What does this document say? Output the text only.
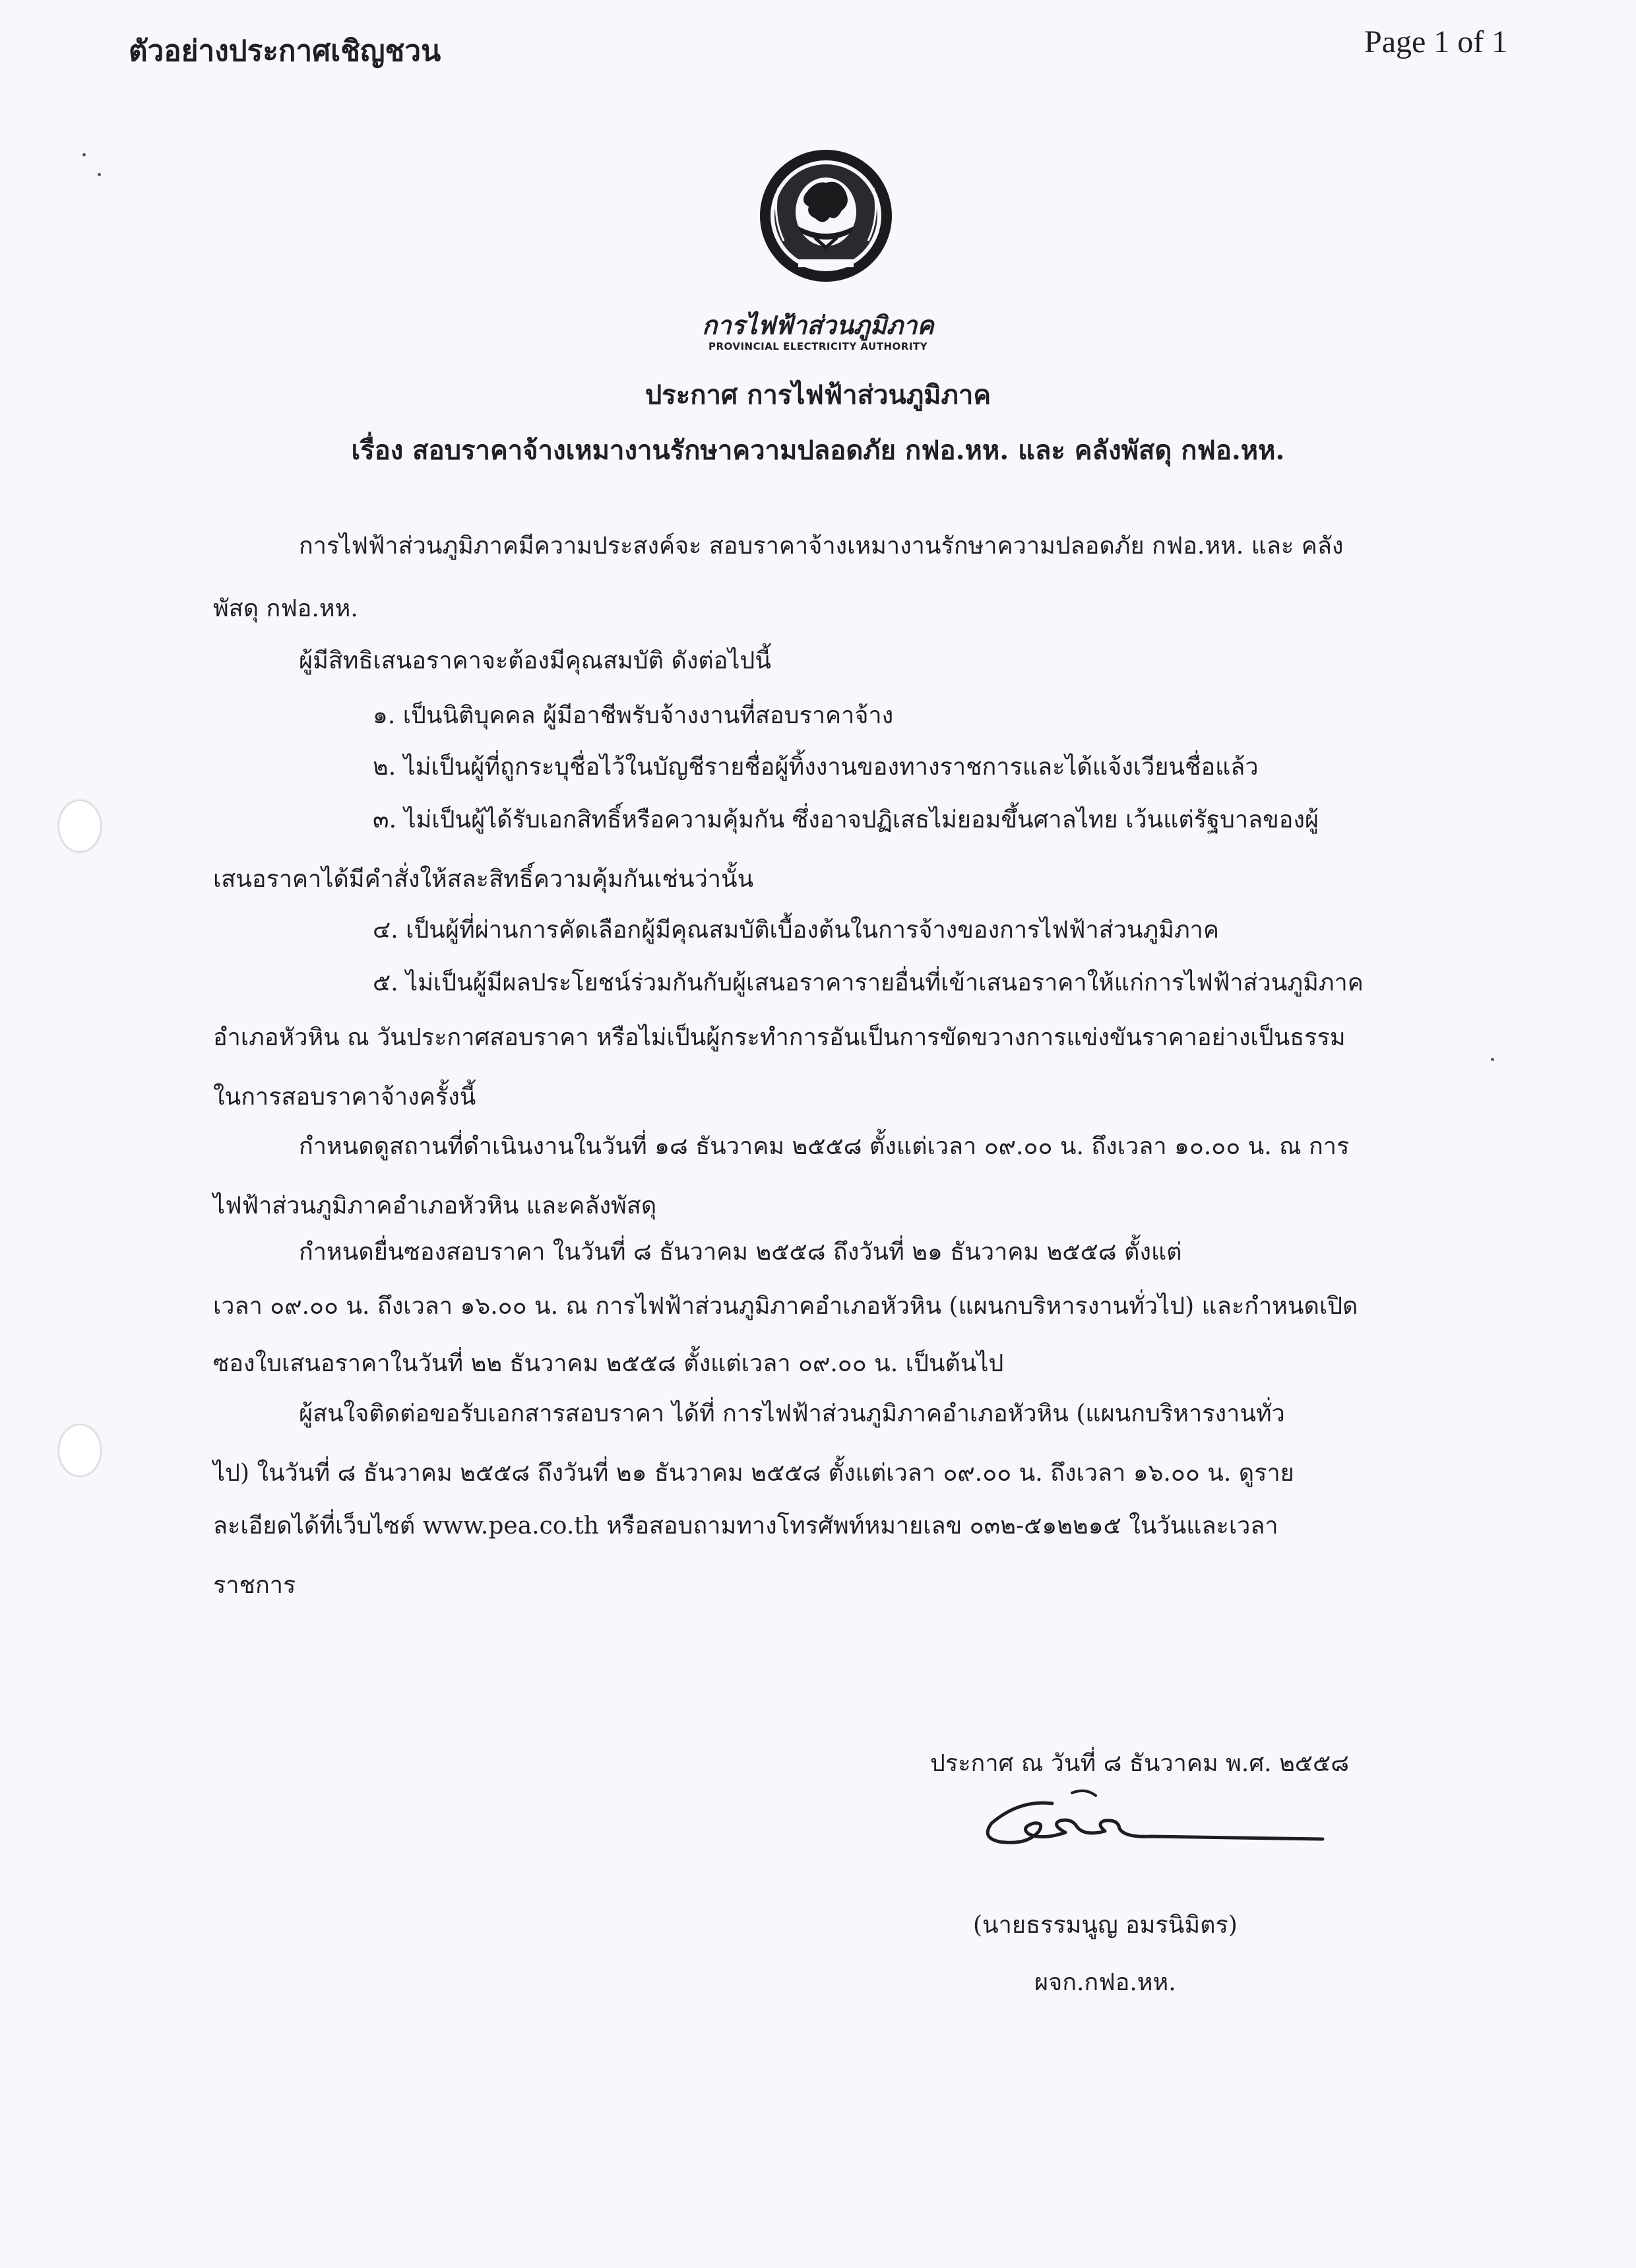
ตัวอย่างประกาศเชิญชวน	Page 1 of 1
การไฟฟ้าส่วนภูมิภาค
PROVINCIAL ELECTRICITY AUTHORITY
ประกาศ การไฟฟ้าส่วนภูมิภาค
เรื่อง สอบราคาจ้างเหมางานรักษาความปลอดภัย กฟอ.หห. และ คลังพัสดุ กฟอ.หห.
การไฟฟ้าส่วนภูมิภาคมีความประสงค์จะ สอบราคาจ้างเหมางานรักษาความปลอดภัย กฟอ.หห. และ คลัง
พัสดุ กฟอ.หห.
ผู้มีสิทธิเสนอราคาจะต้องมีคุณสมบัติ ดังต่อไปนี้
๑. เป็นนิติบุคคล ผู้มีอาชีพรับจ้างงานที่สอบราคาจ้าง
๒. ไม่เป็นผู้ที่ถูกระบุชื่อไว้ในบัญชีรายชื่อผู้ทิ้งงานของทางราชการและได้แจ้งเวียนชื่อแล้ว
๓. ไม่เป็นผู้ได้รับเอกสิทธิ์หรือความคุ้มกัน ซึ่งอาจปฏิเสธไม่ยอมขึ้นศาลไทย เว้นแต่รัฐบาลของผู้
เสนอราคาได้มีคำสั่งให้สละสิทธิ์ความคุ้มกันเช่นว่านั้น
๔. เป็นผู้ที่ผ่านการคัดเลือกผู้มีคุณสมบัติเบื้องต้นในการจ้างของการไฟฟ้าส่วนภูมิภาค
๕. ไม่เป็นผู้มีผลประโยชน์ร่วมกันกับผู้เสนอราคารายอื่นที่เข้าเสนอราคาให้แก่การไฟฟ้าส่วนภูมิภาค
อำเภอหัวหิน ณ วันประกาศสอบราคา หรือไม่เป็นผู้กระทำการอันเป็นการขัดขวางการแข่งขันราคาอย่างเป็นธรรม
ในการสอบราคาจ้างครั้งนี้
กำหนดดูสถานที่ดำเนินงานในวันที่ ๑๘ ธันวาคม ๒๕๕๘ ตั้งแต่เวลา ๐๙.๐๐ น. ถึงเวลา ๑๐.๐๐ น. ณ การ
ไฟฟ้าส่วนภูมิภาคอำเภอหัวหิน และคลังพัสดุ
กำหนดยื่นซองสอบราคา ในวันที่ ๘ ธันวาคม ๒๕๕๘ ถึงวันที่ ๒๑ ธันวาคม ๒๕๕๘ ตั้งแต่
เวลา ๐๙.๐๐ น. ถึงเวลา ๑๖.๐๐ น. ณ การไฟฟ้าส่วนภูมิภาคอำเภอหัวหิน (แผนกบริหารงานทั่วไป) และกำหนดเปิด
ซองใบเสนอราคาในวันที่ ๒๒ ธันวาคม ๒๕๕๘ ตั้งแต่เวลา ๐๙.๐๐ น. เป็นต้นไป
ผู้สนใจติดต่อขอรับเอกสารสอบราคา ได้ที่ การไฟฟ้าส่วนภูมิภาคอำเภอหัวหิน (แผนกบริหารงานทั่ว
ไป) ในวันที่ ๘ ธันวาคม ๒๕๕๘ ถึงวันที่ ๒๑ ธันวาคม ๒๕๕๘ ตั้งแต่เวลา ๐๙.๐๐ น. ถึงเวลา ๑๖.๐๐ น. ดูราย
ละเอียดได้ที่เว็บไซต์ www.pea.co.th หรือสอบถามทางโทรศัพท์หมายเลข ๐๓๒-๕๑๒๒๑๕ ในวันและเวลา
ราชการ
ประกาศ ณ วันที่ ๘ ธันวาคม พ.ศ. ๒๕๕๘
(นายธรรมนูญ อมรนิมิตร)
ผจก.กฟอ.หห.
